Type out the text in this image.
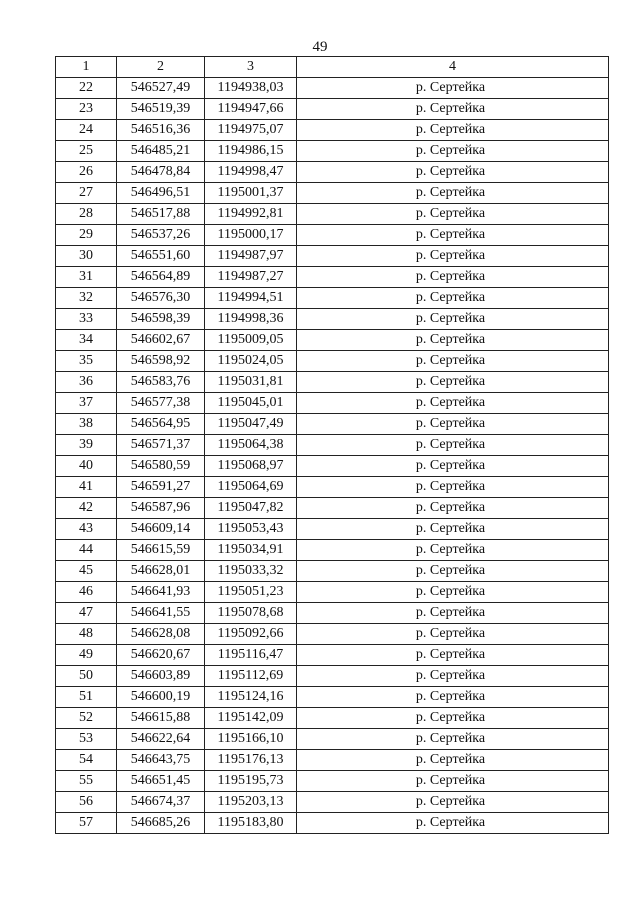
49
1	2	3	4
22	546527,49	1194938,03	р. Сертейка
23	546519,39	1194947,66	р. Сертейка
24	546516,36	1194975,07	р. Сертейка
25	546485,21	1194986,15	р. Сертейка
26	546478,84	1194998,47	р. Сертейка
27	546496,51	1195001,37	р. Сертейка
28	546517,88	1194992,81	р. Сертейка
29	546537,26	1195000,17	р. Сертейка
30	546551,60	1194987,97	р. Сертейка
31	546564,89	1194987,27	р. Сертейка
32	546576,30	1194994,51	р. Сертейка
33	546598,39	1194998,36	р. Сертейка
34	546602,67	1195009,05	р. Сертейка
35	546598,92	1195024,05	р. Сертейка
36	546583,76	1195031,81	р. Сертейка
37	546577,38	1195045,01	р. Сертейка
38	546564,95	1195047,49	р. Сертейка
39	546571,37	1195064,38	р. Сертейка
40	546580,59	1195068,97	р. Сертейка
41	546591,27	1195064,69	р. Сертейка
42	546587,96	1195047,82	р. Сертейка
43	546609,14	1195053,43	р. Сертейка
44	546615,59	1195034,91	р. Сертейка
45	546628,01	1195033,32	р. Сертейка
46	546641,93	1195051,23	р. Сертейка
47	546641,55	1195078,68	р. Сертейка
48	546628,08	1195092,66	р. Сертейка
49	546620,67	1195116,47	р. Сертейка
50	546603,89	1195112,69	р. Сертейка
51	546600,19	1195124,16	р. Сертейка
52	546615,88	1195142,09	р. Сертейка
53	546622,64	1195166,10	р. Сертейка
54	546643,75	1195176,13	р. Сертейка
55	546651,45	1195195,73	р. Сертейка
56	546674,37	1195203,13	р. Сертейка
57	546685,26	1195183,80	р. Сертейка
